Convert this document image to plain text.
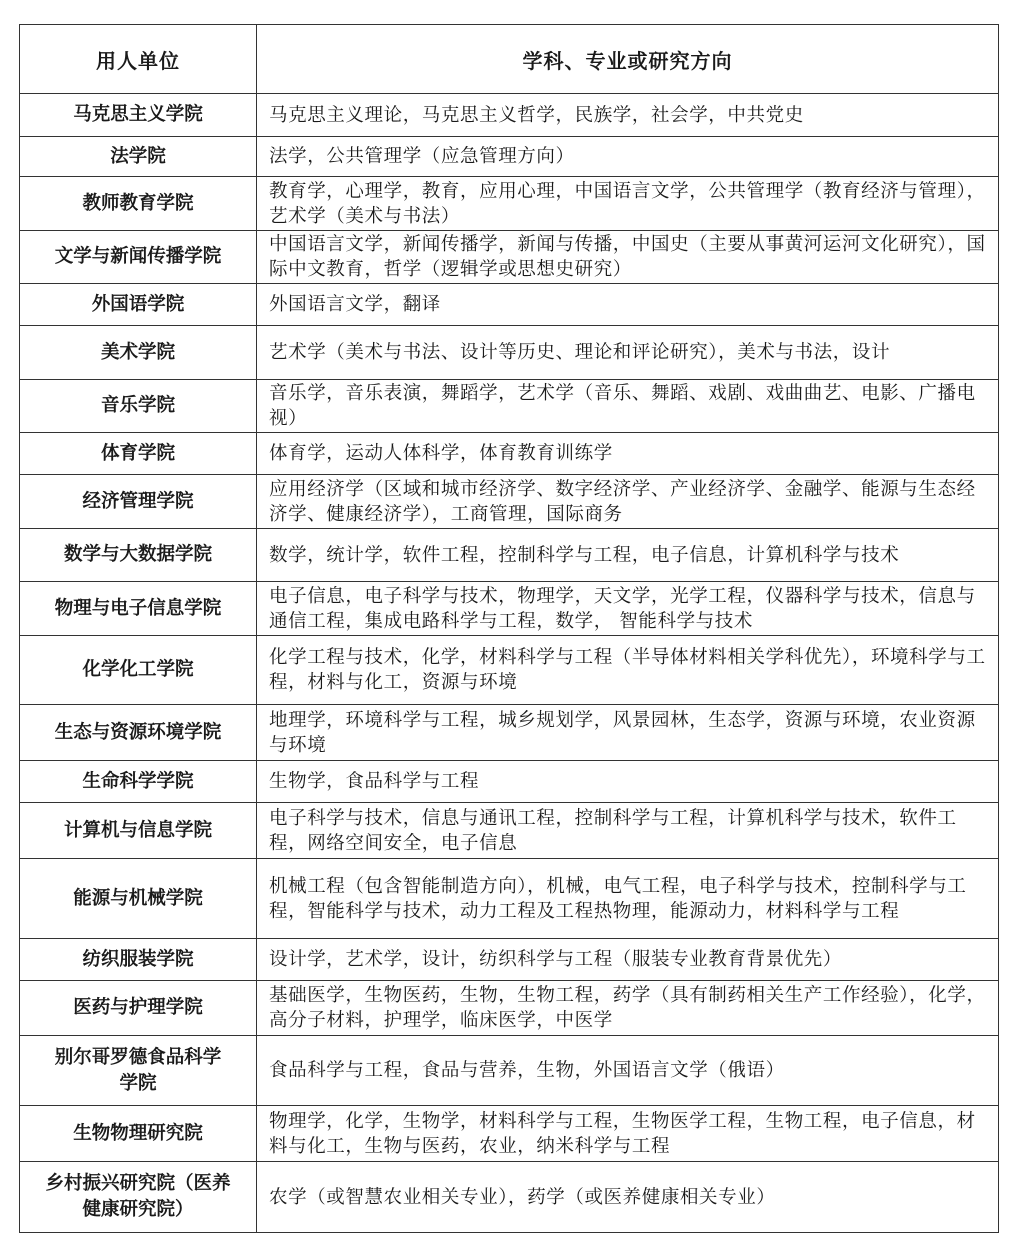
用人单位	学科、专业或研究方向
马克思主义学院	马克思主义理论，马克思主义哲学，民族学，社会学，中共党史
法学院	法学，公共管理学（应急管理方向）
教师教育学院	教育学，心理学，教育，应用心理，中国语言文学，公共管理学（教育经济与管理），艺术学（美术与书法）
文学与新闻传播学院	中国语言文学，新闻传播学，新闻与传播，中国史（主要从事黄河运河文化研究），国际中文教育，哲学（逻辑学或思想史研究）
外国语学院	外国语言文学，翻译
美术学院	艺术学（美术与书法、设计等历史、理论和评论研究），美术与书法，设计
音乐学院	音乐学，音乐表演，舞蹈学，艺术学（音乐、舞蹈、戏剧、戏曲曲艺、电影、广播电视）
体育学院	体育学，运动人体科学，体育教育训练学
经济管理学院	应用经济学（区域和城市经济学、数字经济学、产业经济学、金融学、能源与生态经济学、健康经济学），工商管理，国际商务
数学与大数据学院	数学，统计学，软件工程，控制科学与工程，电子信息，计算机科学与技术
物理与电子信息学院	电子信息，电子科学与技术，物理学，天文学，光学工程，仪器科学与技术，信息与通信工程，集成电路科学与工程，数学， 智能科学与技术
化学化工学院	化学工程与技术，化学，材料科学与工程（半导体材料相关学科优先），环境科学与工程，材料与化工，资源与环境
生态与资源环境学院	地理学，环境科学与工程，城乡规划学，风景园林，生态学，资源与环境，农业资源与环境
生命科学学院	生物学，食品科学与工程
计算机与信息学院	电子科学与技术，信息与通讯工程，控制科学与工程，计算机科学与技术，软件工程，网络空间安全，电子信息
能源与机械学院	机械工程（包含智能制造方向），机械，电气工程，电子科学与技术，控制科学与工程，智能科学与技术，动力工程及工程热物理，能源动力，材料科学与工程
纺织服装学院	设计学，艺术学，设计，纺织科学与工程（服装专业教育背景优先）
医药与护理学院	基础医学，生物医药，生物，生物工程，药学（具有制药相关生产工作经验），化学，高分子材料，护理学，临床医学，中医学
别尔哥罗德食品科学学院	食品科学与工程，食品与营养，生物，外国语言文学（俄语）
生物物理研究院	物理学，化学，生物学，材料科学与工程，生物医学工程，生物工程，电子信息，材料与化工，生物与医药，农业，纳米科学与工程
乡村振兴研究院（医养健康研究院）	农学（或智慧农业相关专业），药学（或医养健康相关专业）
